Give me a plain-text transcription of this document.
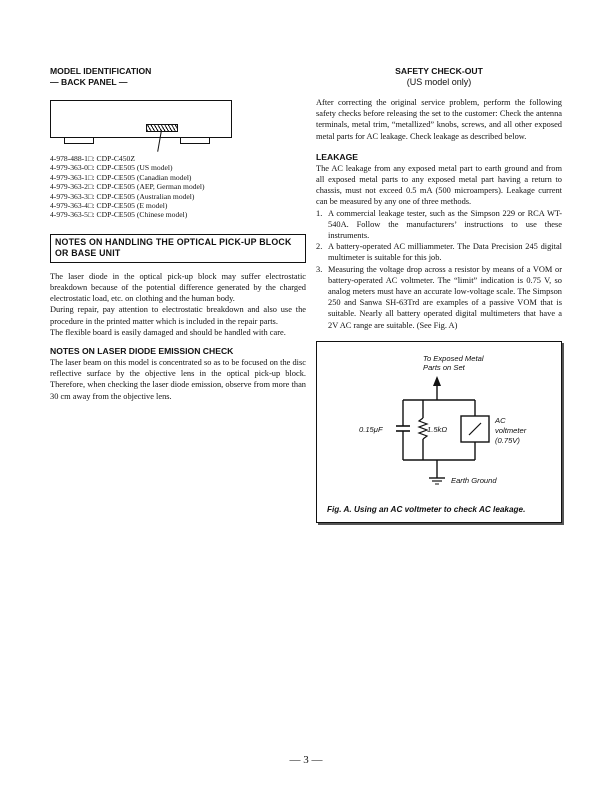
MODEL IDENTIFICATION
— BACK PANEL —
4-978-488-1□: CDP-C450Z
4-979-363-0□: CDP-CE505 (US model)
4-979-363-1□: CDP-CE505 (Canadian model)
4-979-363-2□: CDP-CE505 (AEP, German model)
4-979-363-3□: CDP-CE505 (Australian model)
4-979-363-4□: CDP-CE505 (E model)
4-979-363-5□: CDP-CE505 (Chinese model)
NOTES ON HANDLING THE OPTICAL PICK-UP BLOCK OR BASE UNIT

The laser diode in the optical pick-up block may suffer electrostatic breakdown because of the potential difference generated by the charged electrostatic load, etc. on clothing and the human body.

During repair, pay attention to electrostatic breakdown and also use the procedure in the printed matter which is included in the repair parts.

The flexible board is easily damaged and should be handled with care.

NOTES ON LASER DIODE EMISSION CHECK

The laser beam on this model is concentrated so as to be focused on the disc reflective surface by the objective lens in the optical pick-up block. Therefore, when checking the laser diode emission, observe from more than 30 cm away from the objective lens.

SAFETY CHECK-OUT
(US model only)

After correcting the original service problem, perform the following safety checks before releasing the set to the customer: Check the antenna terminals, metal trim, “metallized” knobs, screws, and all other exposed metal parts for AC leakage. Check leakage as described below.

LEAKAGE

The AC leakage from any exposed metal part to earth ground and from all exposed metal parts to any exposed metal part having a return to chassis, must not exceed 0.5 mA (500 microampers). Leakage current can be measured by any one of three methods.

1. A commercial leakage tester, such as the Simpson 229 or RCA WT-540A. Follow the manufacturers’ instructions to use these instruments.
2. A battery-operated AC milliammeter. The Data Precision 245 digital multimeter is suitable for this job.
3. Measuring the voltage drop across a resistor by means of a VOM or battery-operated AC voltmeter. The “limit” indication is 0.75 V, so analog meters must have an accurate low-voltage scale. The Simpson 250 and Sanwa SH-63Trd are examples of a passive VOM that is suitable. Nearly all battery operated digital multimeters that have a 2V AC range are suitable. (See Fig. A)
To Exposed Metal
Parts on Set
0.15μF	1.5kΩ
AC
voltmeter
(0.75V)
Earth Ground
Fig. A. Using an AC voltmeter to check AC leakage.
— 3 —
